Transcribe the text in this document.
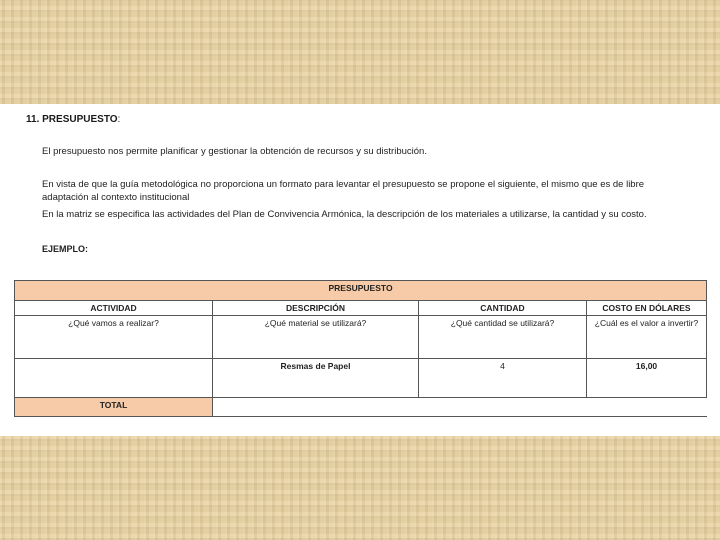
11. PRESUPUESTO:
El presupuesto nos permite planificar y gestionar la obtención de recursos y su distribución.
En vista de que la guía metodológica no proporciona un formato para levantar el presupuesto se propone el siguiente, el mismo que es de libre
adaptación al contexto institucional
En la matriz se especifica las actividades del Plan de Convivencia Armónica, la descripción de los materiales a utilizarse, la cantidad y su costo.
EJEMPLO:
PRESUPUESTO			
ACTIVIDAD	DESCRIPCIÓN	CANTIDAD	COSTO EN DÓLARES
¿Qué vamos a realizar?	¿Qué material se utilizará?	¿Qué cantidad se utilizará?	¿Cuál es el valor a invertir?
	Resmas de Papel	4	16,00
TOTAL			
